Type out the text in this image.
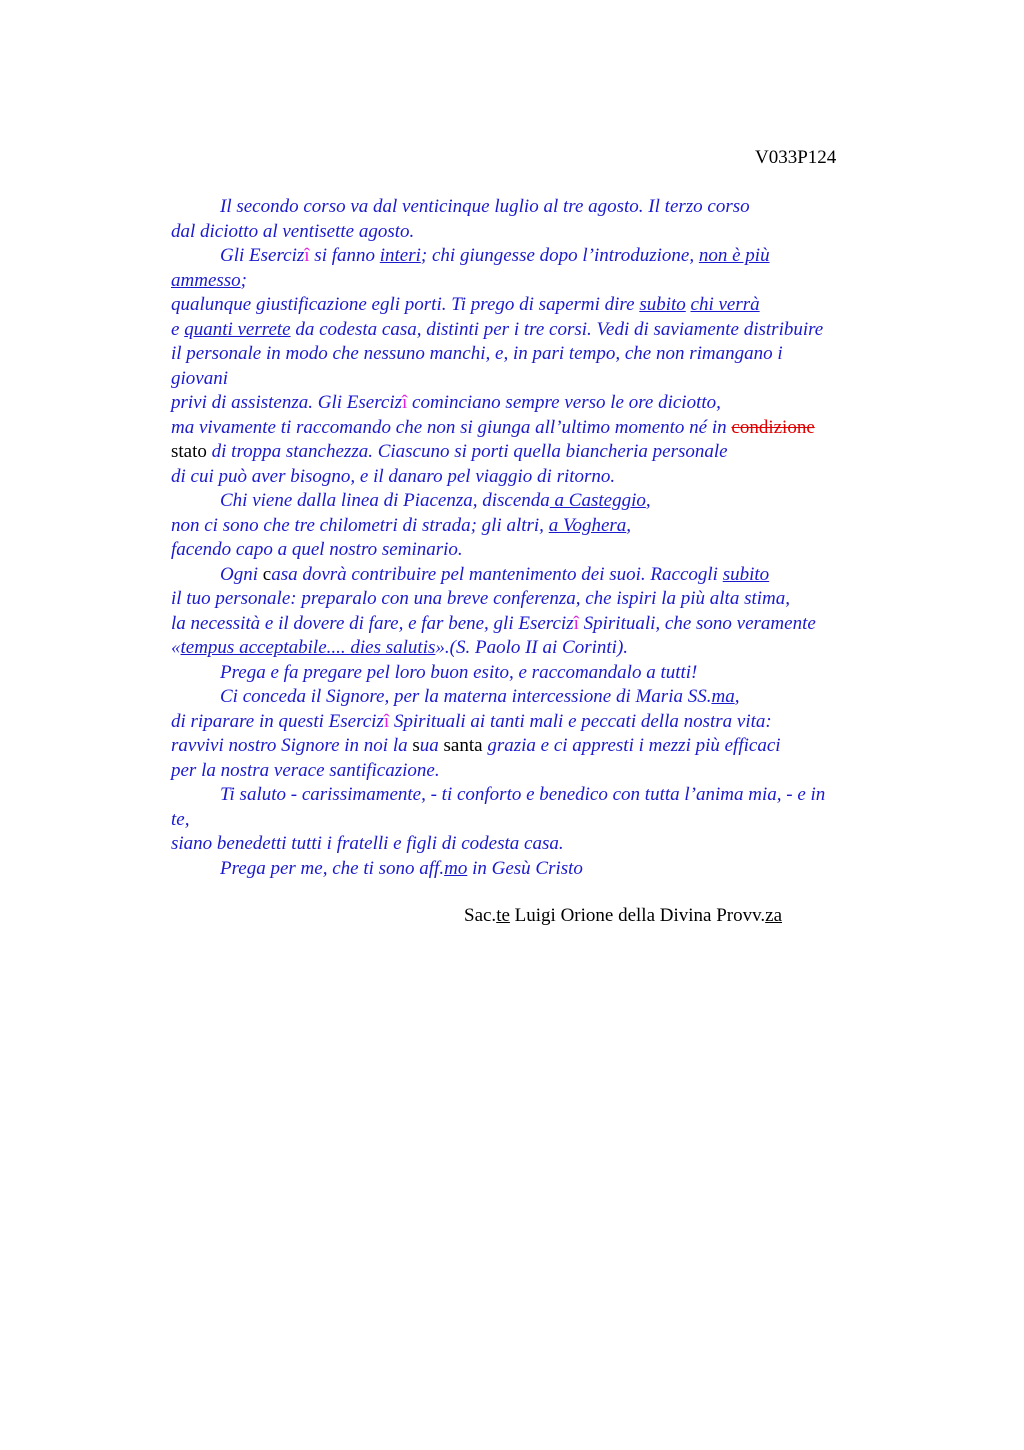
V033P124
Il secondo corso va dal venticinque luglio al tre agosto. Il terzo corso
dal diciotto al ventisette agosto.
Gli Esercizî si fanno interi; chi giungesse dopo l’introduzione, non è più
ammesso;
qualunque giustificazione egli porti. Ti prego di sapermi dire subito chi verrà
e quanti verrete da codesta casa, distinti per i tre corsi. Vedi di saviamente distribuire
il personale in modo che nessuno manchi, e, in pari tempo, che non rimangano i
giovani
privi di assistenza. Gli Esercizî cominciano sempre verso le ore diciotto,
ma vivamente ti raccomando che non si giunga all’ultimo momento né in condizione
stato di troppa stanchezza. Ciascuno si porti quella biancheria personale
di cui può aver bisogno, e il danaro pel viaggio di ritorno.
Chi viene dalla linea di Piacenza, discenda a Casteggio,
non ci sono che tre chilometri di strada; gli altri, a Voghera,
facendo capo a quel nostro seminario.
Ogni casa dovrà contribuire pel mantenimento dei suoi. Raccogli subito
il tuo personale: preparalo con una breve conferenza, che ispiri la più alta stima,
la necessità e il dovere di fare, e far bene, gli Esercizî Spirituali, che sono veramente
«tempus acceptabile.... dies salutis».(S. Paolo II ai Corinti).
Prega e fa pregare pel loro buon esito, e raccomandalo a tutti!
Ci conceda il Signore, per la materna intercessione di Maria SS.ma,
di riparare in questi Esercizî Spirituali ai tanti mali e peccati della nostra vita:
ravvivi nostro Signore in noi la sua santa grazia e ci appresti i mezzi più efficaci
per la nostra verace santificazione.
Ti saluto - carissimamente, - ti conforto e benedico con tutta l’anima mia, - e in
te,
siano benedetti tutti i fratelli e figli di codesta casa.
Prega per me, che ti sono aff.mo in Gesù Cristo
Sac.te Luigi Orione della Divina Provv.za
